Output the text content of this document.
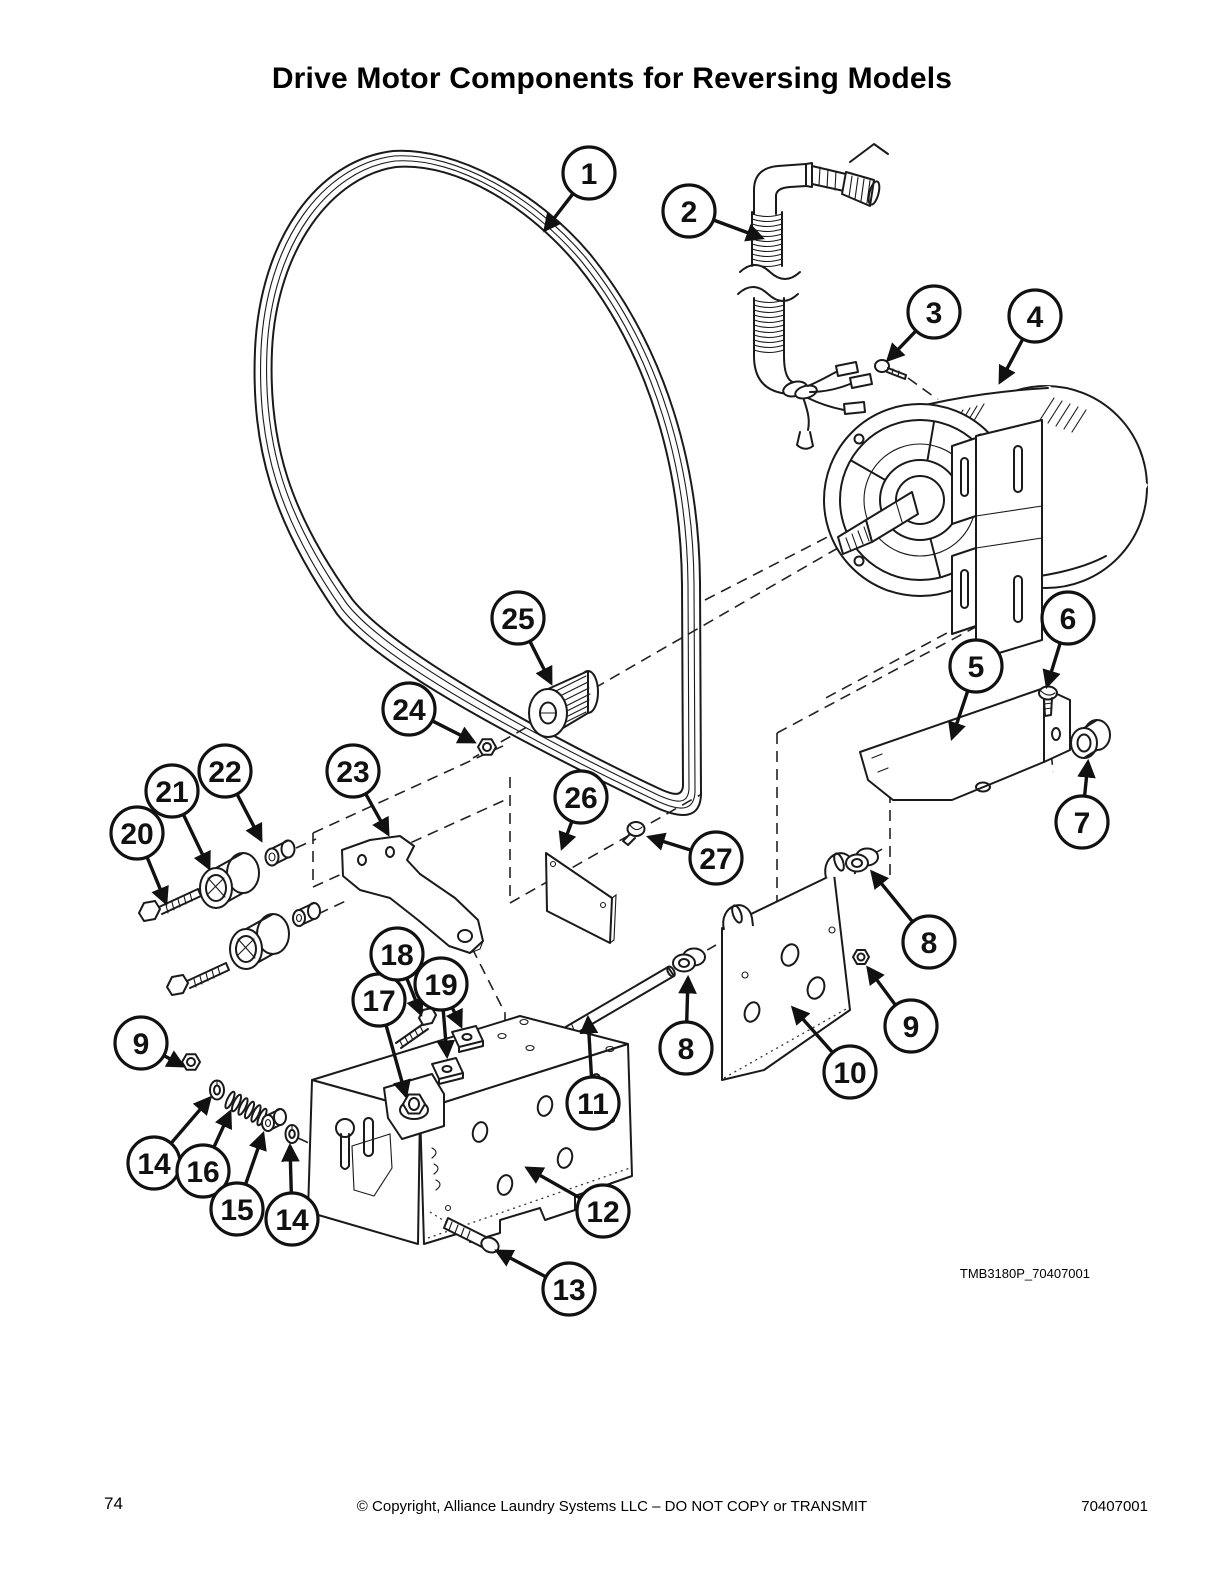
Drive Motor Components for Reversing Models
1
2
3	4
5
6
7
8
9
10
8
11
12
13
14 16
15 14
9
17
18
19
20
21
22	23
24
25
26
27
TMB3180P_70407001
74	© Copyright, Alliance Laundry Systems LLC – DO NOT COPY or TRANSMIT	70407001
